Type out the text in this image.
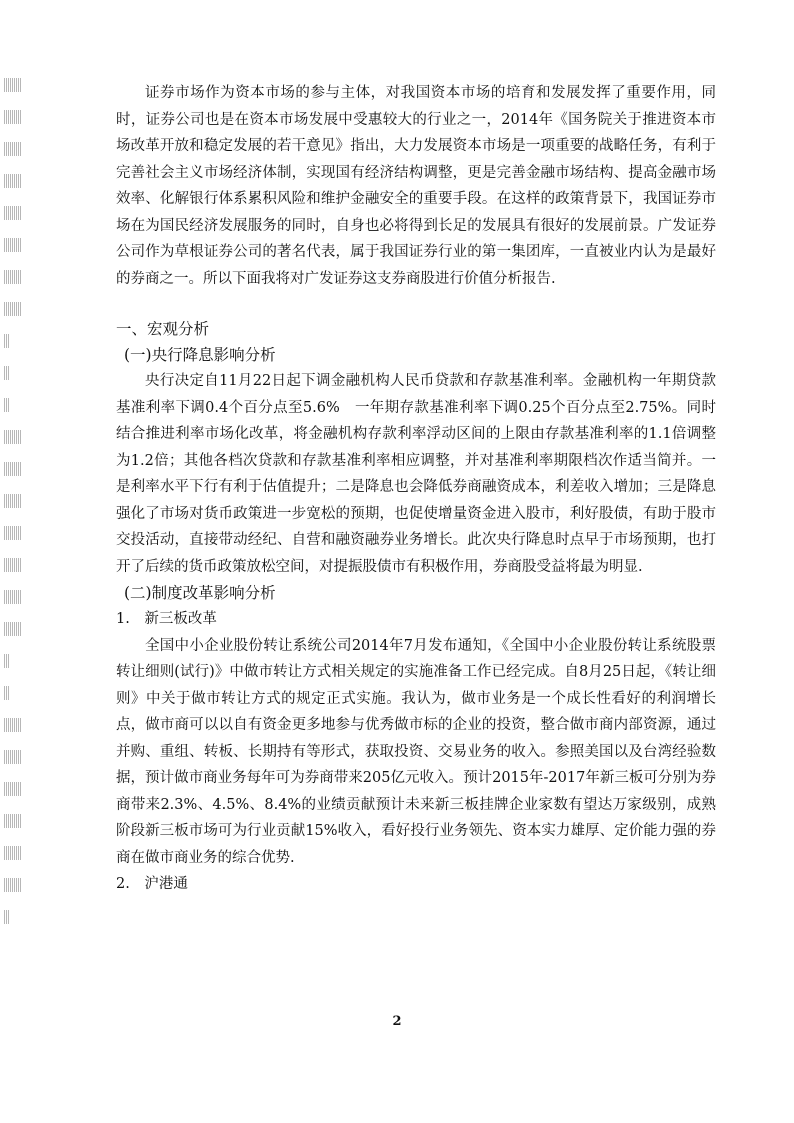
证券市场作为资本市场的参与主体，对我国资本市场的培育和发展发挥了重要作用，同时，证券公司也是在资本市场发展中受惠较大的行业之一，2014年《国务院关于推进资本市场改革开放和稳定发展的若干意见》指出，大力发展资本市场是一项重要的战略任务，有利于完善社会主义市场经济体制，实现国有经济结构调整，更是完善金融市场结构、提高金融市场效率、化解银行体系累积风险和维护金融安全的重要手段。在这样的政策背景下，我国证券市场在为国民经济发展服务的同时，自身也必将得到长足的发展具有很好的发展前景。广发证券公司作为草根证券公司的著名代表，属于我国证券行业的第一集团库，一直被业内认为是最好的券商之一。所以下面我将对广发证券这支券商股进行价值分析报告.

一、宏观分析
(一)央行降息影响分析

央行决定自11月22日起下调金融机构人民币贷款和存款基准利率。金融机构一年期贷款基准利率下调0.4个百分点至5.6%　一年期存款基准利率下调0.25个百分点至2.75%。同时结合推进利率市场化改革，将金融机构存款利率浮动区间的上限由存款基准利率的1.1倍调整为1.2倍；其他各档次贷款和存款基准利率相应调整，并对基准利率期限档次作适当简并。一是利率水平下行有利于估值提升；二是降息也会降低券商融资成本，利差收入增加；三是降息强化了市场对货币政策进一步宽松的预期，也促使增量资金进入股市，利好股债，有助于股市交投活动，直接带动经纪、自营和融资融券业务增长。此次央行降息时点早于市场预期，也打开了后续的货币政策放松空间，对提振股债市有积极作用，券商股受益将最为明显.

(二)制度改革影响分析

1.　新三板改革

全国中小企业股份转让系统公司2014年7月发布通知，《全国中小企业股份转让系统股票转让细则(试行)》中做市转让方式相关规定的实施准备工作已经完成。自8月25日起，《转让细则》中关于做市转让方式的规定正式实施。我认为，做市业务是一个成长性看好的利润增长点，做市商可以以自有资金更多地参与优秀做市标的企业的投资，整合做市商内部资源，通过并购、重组、转板、长期持有等形式，获取投资、交易业务的收入。参照美国以及台湾经验数据，预计做市商业务每年可为券商带来205亿元收入。预计2015年-2017年新三板可分别为券商带来2.3%、4.5%、8.4%的业绩贡献预计未来新三板挂牌企业家数有望达万家级别，成熟阶段新三板市场可为行业贡献15%收入，看好投行业务领先、资本实力雄厚、定价能力强的券商在做市商业务的综合优势.

2.　沪港通

2
